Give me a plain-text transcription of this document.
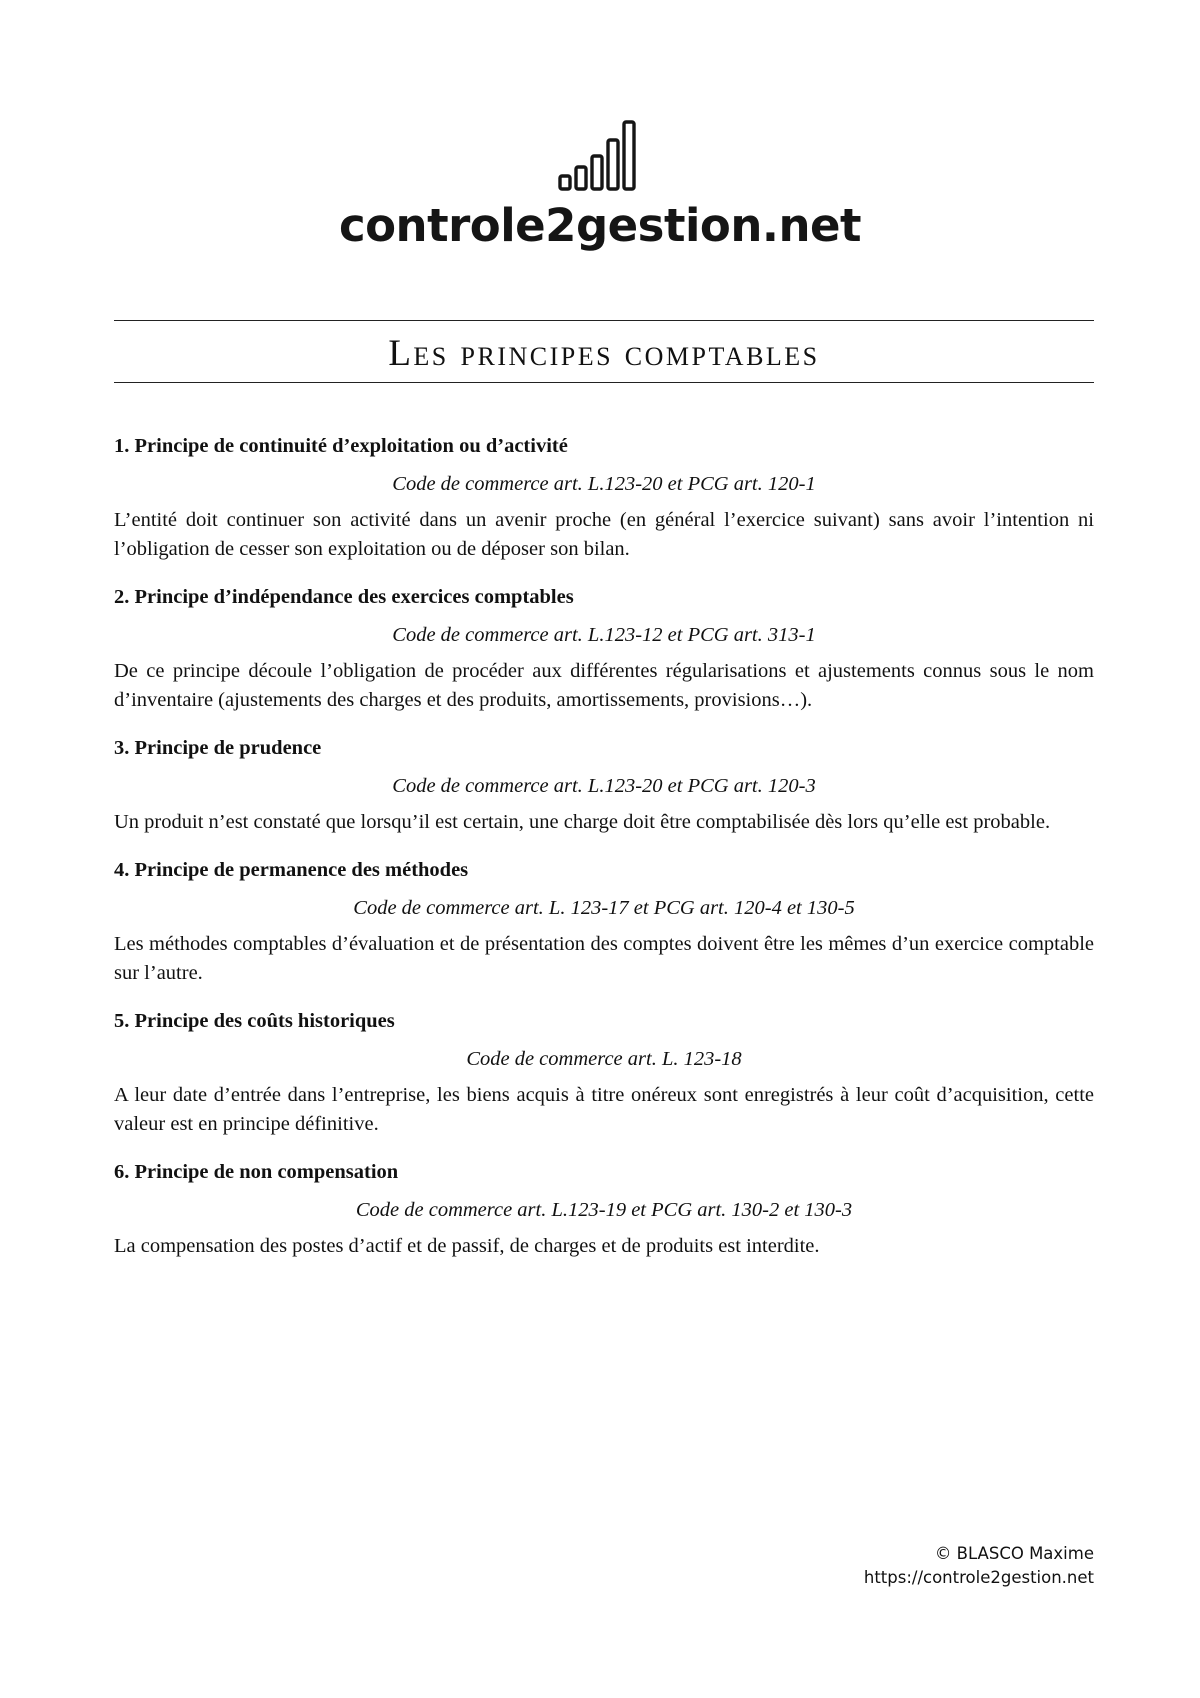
controle2gestion.net
Les principes comptables
1. Principe de continuité d’exploitation ou d’activité

Code de commerce art. L.123-20 et PCG art. 120-1

L’entité doit continuer son activité dans un avenir proche (en général l’exercice suivant) sans avoir l’intention ni l’obligation de cesser son exploitation ou de déposer son bilan.

2. Principe d’indépendance des exercices comptables

Code de commerce art. L.123-12 et PCG art. 313-1

De ce principe découle l’obligation de procéder aux différentes régularisations et ajustements connus sous le nom d’inventaire (ajustements des charges et des produits, amortissements, provisions…).

3. Principe de prudence

Code de commerce art. L.123-20 et PCG art. 120-3

Un produit n’est constaté que lorsqu’il est certain, une charge doit être comptabilisée dès lors qu’elle est probable.

4. Principe de permanence des méthodes

Code de commerce art. L. 123-17 et PCG art. 120-4 et 130-5

Les méthodes comptables d’évaluation et de présentation des comptes doivent être les mêmes d’un exercice comptable sur l’autre.

5. Principe des coûts historiques

Code de commerce art. L. 123-18

A leur date d’entrée dans l’entreprise, les biens acquis à titre onéreux sont enregistrés à leur coût d’acquisition, cette valeur est en principe définitive.

6. Principe de non compensation

Code de commerce art. L.123-19 et PCG art. 130-2 et 130-3

La compensation des postes d’actif et de passif, de charges et de produits est interdite.

© BLASCO Maxime
https://controle2gestion.net
